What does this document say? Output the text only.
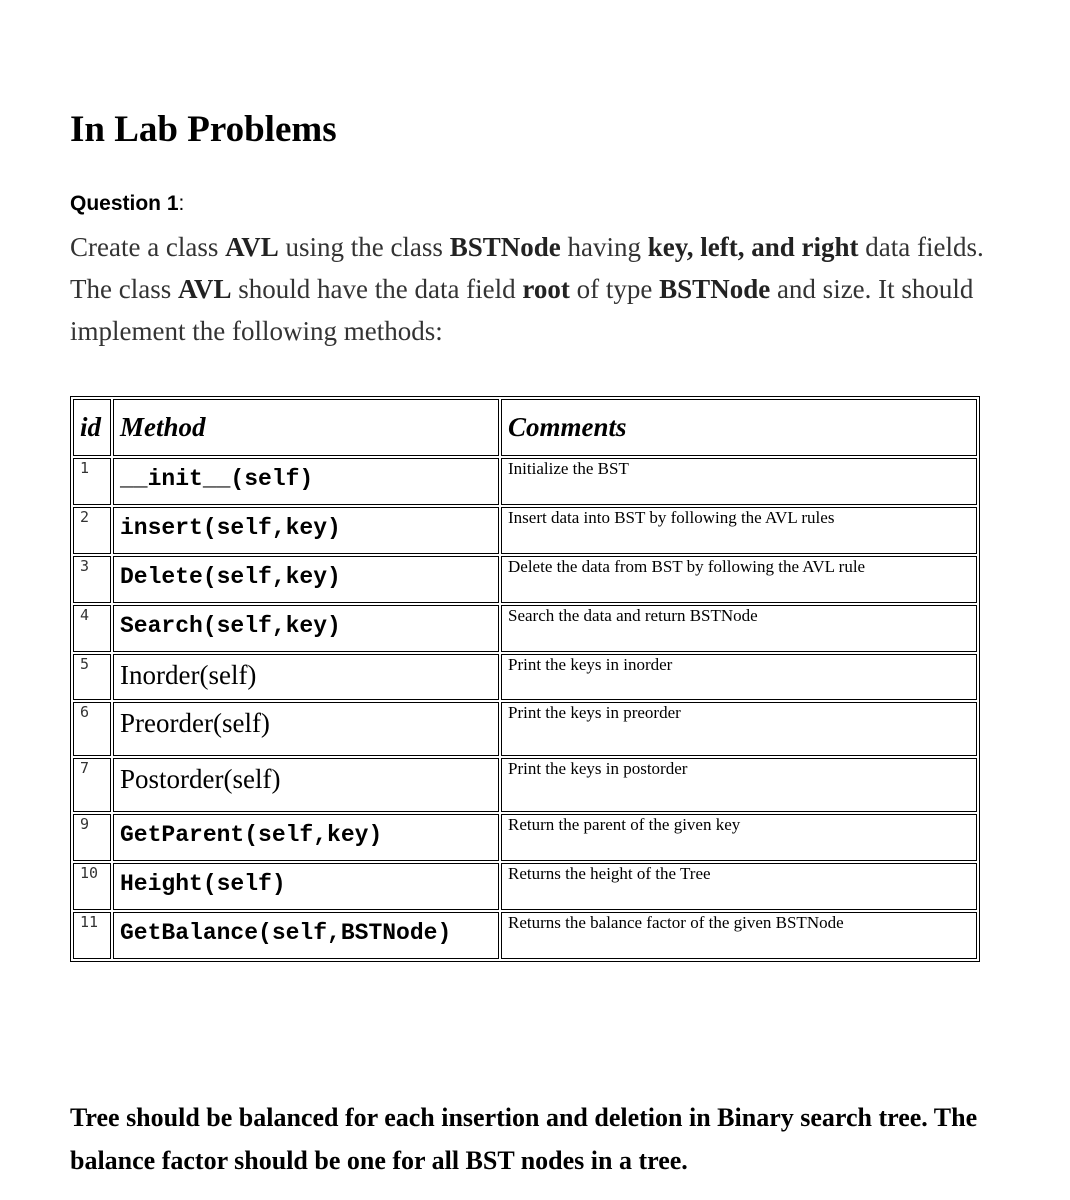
In Lab Problems

Question 1:

Create a class AVL using the class BSTNode having key, left, and right data fields. The class AVL should have the data field root of type BSTNode and size. It should implement the following methods:

id	Method	Comments
1	__init__(self)	Initialize the BST
2	insert(self,key)	Insert data into BST by following the AVL rules
3	Delete(self,key)	Delete the data from BST by following the AVL rule
4	Search(self,key)	Search the data and return BSTNode
5	Inorder(self)	Print the keys in inorder
6	Preorder(self)	Print the keys in preorder
7	Postorder(self)	Print the keys in postorder
9	GetParent(self,key)	Return the parent of the given key
10	Height(self)	Returns the height of the Tree
11	GetBalance(self,BSTNode)	Returns the balance factor of the given BSTNode

Tree should be balanced for each insertion and deletion in Binary search tree. The balance factor should be one for all BST nodes in a tree.
